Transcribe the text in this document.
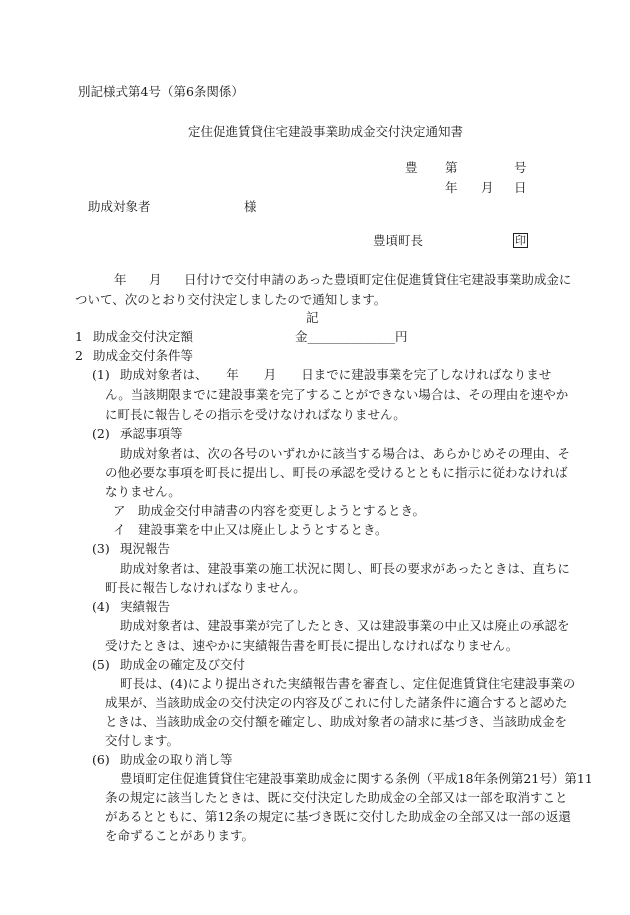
別記様式第4号（第6条関係）
定住促進賃貸住宅建設事業助成金交付決定通知書
豊 第	号
年 月 日
助成対象者	様
豊頃町長	印
年 月 日付けで交付申請のあった豊頃町定住促進賃貸住宅建設事業助成金に
ついて、次のとおり交付決定しましたので通知します。
記
1 助成金交付決定額	金______________円
2 助成金交付条件等
(1) 助成対象者は、　　年　　月　　日までに建設事業を完了しなければなりませ
ん。当該期限までに建設事業を完了することができない場合は、その理由を速やか
に町長に報告しその指示を受けなければなりません。
(2) 承認事項等
助成対象者は、次の各号のいずれかに該当する場合は、あらかじめその理由、そ
の他必要な事項を町長に提出し、町長の承認を受けるとともに指示に従わなければ
なりません。
ア　助成金交付申請書の内容を変更しようとするとき。
イ　建設事業を中止又は廃止しようとするとき。
(3) 現況報告
助成対象者は、建設事業の施工状況に関し、町長の要求があったときは、直ちに
町長に報告しなければなりません。
(4) 実績報告
助成対象者は、建設事業が完了したとき、又は建設事業の中止又は廃止の承認を
受けたときは、速やかに実績報告書を町長に提出しなければなりません。
(5) 助成金の確定及び交付
町長は、(4)により提出された実績報告書を審査し、定住促進賃貸住宅建設事業の
成果が、当該助成金の交付決定の内容及びこれに付した諸条件に適合すると認めた
ときは、当該助成金の交付額を確定し、助成対象者の請求に基づき、当該助成金を
交付します。
(6) 助成金の取り消し等
豊頃町定住促進賃貸住宅建設事業助成金に関する条例（平成18年条例第21号）第11
条の規定に該当したときは、既に交付決定した助成金の全部又は一部を取消すこと
があるとともに、第12条の規定に基づき既に交付した助成金の全部又は一部の返還
を命ずることがあります。
